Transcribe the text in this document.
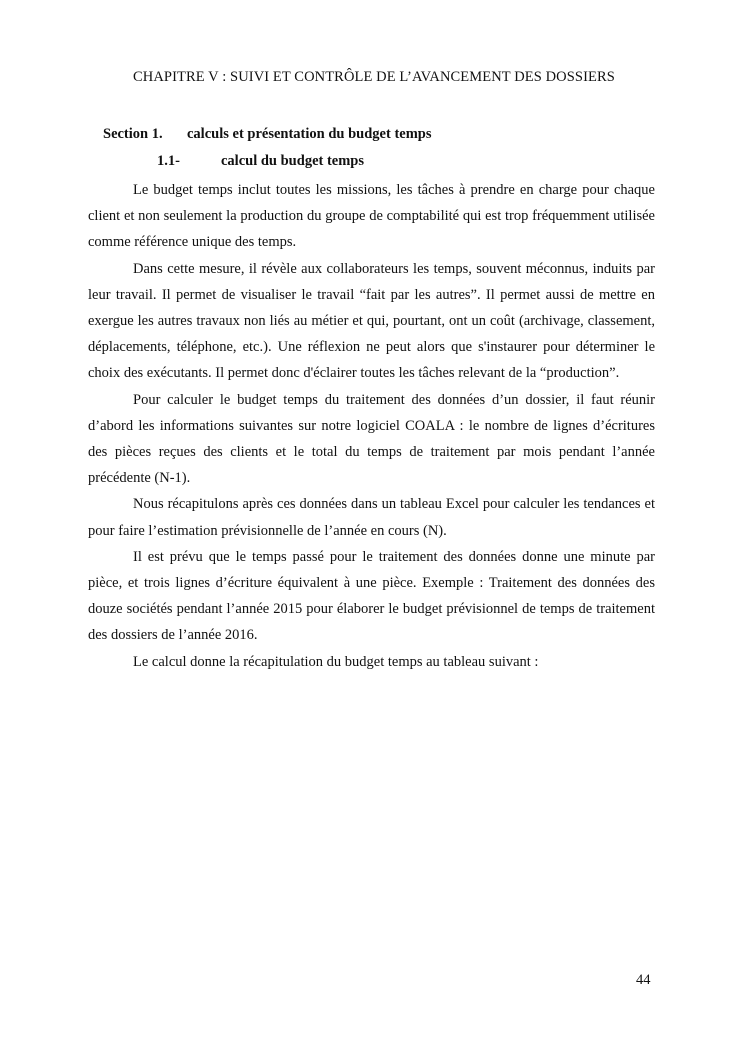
CHAPITRE V : SUIVI ET CONTRÔLE DE L’AVANCEMENT DES DOSSIERS
Section 1. calculs et présentation du budget temps
1.1-	calcul du budget temps

Le budget temps inclut toutes les missions, les tâches à prendre en charge pour chaque client et non seulement la production du groupe de comptabilité qui est trop fréquemment utilisée comme référence unique des temps.

Dans cette mesure, il révèle aux collaborateurs les temps, souvent méconnus, induits par leur travail. Il permet de visualiser le travail “fait par les autres”. Il permet aussi de mettre en exergue les autres travaux non liés au métier et qui, pourtant, ont un coût (archivage, classement, déplacements, téléphone, etc.). Une réflexion ne peut alors que s'instaurer pour déterminer le choix des exécutants. Il permet donc d'éclairer toutes les tâches relevant de la “production”.

Pour calculer le budget temps du traitement des données d’un dossier, il faut réunir d’abord les informations suivantes sur notre logiciel COALA : le nombre de lignes d’écritures des pièces reçues des clients et le total du temps de traitement par mois pendant l’année précédente (N-1).

Nous récapitulons après ces données dans un tableau Excel pour calculer les tendances et pour faire l’estimation prévisionnelle de l’année en cours (N).

Il est prévu que le temps passé pour le traitement des données donne une minute par pièce, et trois lignes d’écriture équivalent à une pièce. Exemple : Traitement des données des douze sociétés pendant l’année 2015 pour élaborer le budget prévisionnel de temps de traitement des dossiers de l’année 2016.

Le calcul donne la récapitulation du budget temps au tableau suivant :

44
